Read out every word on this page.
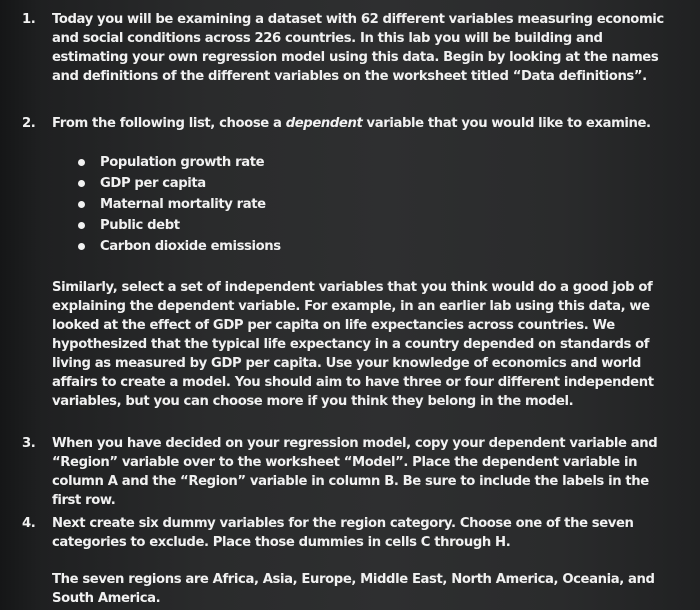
1.	Today you will be examining a dataset with 62 different variables measuring economic and social conditions across 226 countries. In this lab you will be building and estimating your own regression model using this data. Begin by looking at the names and definitions of the different variables on the worksheet titled “Data definitions”.
2.	From the following list, choose a dependent variable that you would like to examine.
Population growth rate
GDP per capita
Maternal mortality rate
Public debt
Carbon dioxide emissions
Similarly, select a set of independent variables that you think would do a good job of explaining the dependent variable. For example, in an earlier lab using this data, we looked at the effect of GDP per capita on life expectancies across countries. We hypothesized that the typical life expectancy in a country depended on standards of living as measured by GDP per capita. Use your knowledge of economics and world affairs to create a model. You should aim to have three or four different independent variables, but you can choose more if you think they belong in the model.
3.	When you have decided on your regression model, copy your dependent variable and “Region” variable over to the worksheet “Model”. Place the dependent variable in column A and the “Region” variable in column B. Be sure to include the labels in the first row.
4.	Next create six dummy variables for the region category. Choose one of the seven categories to exclude. Place those dummies in cells C through H.
The seven regions are Africa, Asia, Europe, Middle East, North America, Oceania, and South America.
